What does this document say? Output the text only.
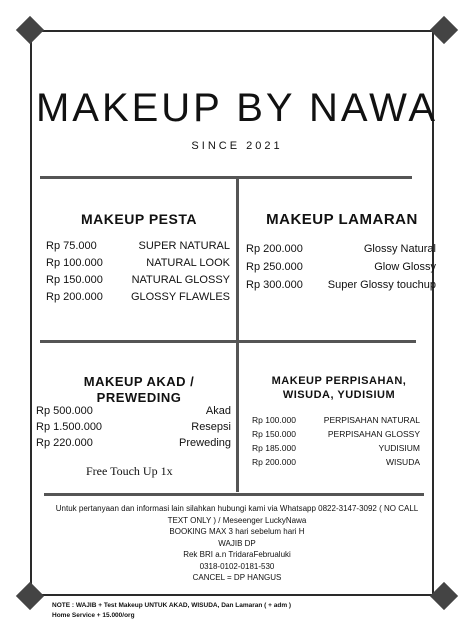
MAKEUP BY NAWA
SINCE 2021
MAKEUP PESTA
Rp 75.000	SUPER NATURAL
Rp 100.000	NATURAL LOOK
Rp 150.000	NATURAL GLOSSY
Rp 200.000	GLOSSY FLAWLES
MAKEUP LAMARAN
Rp 200.000	Glossy Natural
Rp 250.000	Glow Glossy
Rp 300.000 Super Glossy touchup
MAKEUP AKAD /
PREWEDING
Rp 500.000	Akad
Rp 1.500.000	Resepsi
Rp 220.000	Preweding
Free Touch Up 1x
MAKEUP PERPISAHAN,
WISUDA, YUDISIUM
Rp 100.000	PERPISAHAN NATURAL
Rp 150.000	PERPISAHAN GLOSSY
Rp 185.000	YUDISIUM
Rp 200.000	WISUDA
Untuk pertanyaan dan informasi lain silahkan hubungi kami via Whatsapp 0822-3147-3092 ( NO CALL
TEXT ONLY ) / Meseenger LuckyNawa
BOOKING MAX 3 hari sebelum hari H
WAJIB DP
Rek BRI a.n TridaraFebrualuki
0318-0102-0181-530
CANCEL = DP HANGUS
NOTE : WAJIB + Test Makeup UNTUK AKAD, WISUDA, Dan Lamaran ( + adm )
Home Service + 15.000/org
